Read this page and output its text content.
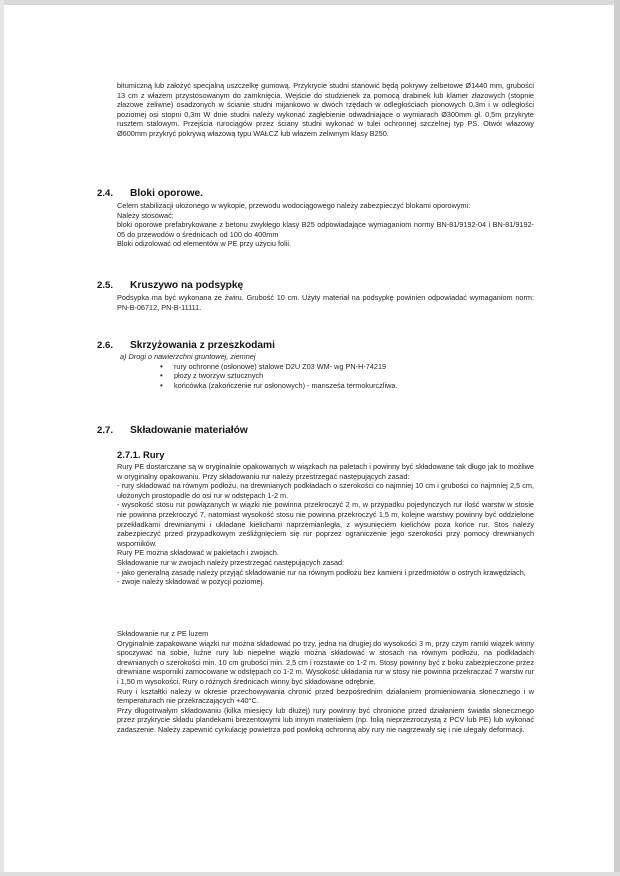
bitumiczną lub założyć specjalną uszczelkę gumową. Przykrycie studni stanowić będą pokrywy żelbetowe Ø1440 mm, grubości 13 cm z włazem przystosowanym do zamknięcia. Wejście do studzienek za pomocą drabinek lub klamer złazowych (stopnie złazowe żeliwne) osadzonych w ścianie studni mijankowo w dwóch rzędach w odległościach pionowych 0,3m i w odległości poziomej osi stopni 0,3m W dnie studni należy wykonać zagłębienie odwadniające o wymiarach Ø300mm gł. 0,5m przykryte rusztem stalowym. Przejścia rurociągów przez ściany studni wykonać w tulei ochronnej szczelnej typ PS. Otwór włazowy Ø600mm przykryć pokrywą włazową typu WAŁCZ lub włazem żeliwnym klasy B250.

2.4. Bloki oporowe.

Celem stabilizacji ułożonego w wykopie, przewodu wodociągowego należy zabezpieczyć blokami oporowymi:

Należy stosować:

bloki oporowe prefabrykowane z betonu zwykłego klasy B25 odpowiadające wymaganiom normy BN-81/9192-04 i BN-81/9192-05 do przewodów o średnicach od 100 do 400mm

Bloki odizolować od elementów w PE przy użyciu folii.

2.5. Kruszywo na podsypkę

Podsypka ma być wykonana ze żwiru. Grubość 10 cm. Użyty materiał na podsypkę powinien odpowiadać wymaganiom norm: PN-B-06712, PN-B-11111.

2.6. Skrzyżowania z przeszkodami

a) Drogi o nawierzchni gruntowej, ziemnej

• rury ochronne (osłonowe) stalowe D2U Z03 WM- wg PN-H-74219
• płozy z tworzyw sztucznych
• końcówka (zakończenie rur osłonowych) - mansześa termokurczliwa.
2.7. Składowanie materiałów
2.7.1. Rury

Rury PE dostarczane są w oryginalnie opakowanych w wiązkach na paletach i powinny być składowane tak długo jak to możliwe w oryginalny opakowaniu. Przy składowaniu rur należy przestrzegać następujących zasad:

- rury składować na równym podłożu, na drewnianych podkładach o szerokości co najmniej 10 cm i grubości co najmniej 2,5 cm, ułożonych prostopadle do osi rur w odstępach 1-2 m.

- wysokość stosu rur powiązanych w wiązki nie powinna przekroczyć 2 m, w przypadku pojedynczych rur ilość warstw w stosie nie powinna przekroczyć 7, natomiast wysokość stosu nie powinna przekroczyć 1,5 m, kolejne warstwy powinny być oddzielone przekładkami drewnianymi i układane kielichami naprzemianległa, z wysunięciem kielichów poza końce rur. Stos należy zabezpieczyć przed przypadkowym ześliźgnięciem się rur poprzez ograniczenie jego szerokości przy pomocy drewnianych wsporników.

Rury PE można składować w pakietach i zwojach.

Składowanie rur w zwojach należy przestrzegać następujących zasad:

- jako generalną zasadę należy przyjąć składowanie rur na równym podłożu bez kamieni i przedmiotów o ostrych krawędziach,

- zwoje należy składować w pozycji poziomej.

Składowanie rur z PE luzem

Oryginalnie zapakowane wiązki rur można składować po trzy, jedna na drugiej do wysokości 3 m, przy czym ramki wiązek winny spoczywać na sobie, luźne rury lub niepełne wiązki można składować w stosach na równym podłożu, na podkładach drewnianych o szerokości min. 10 cm grubości min. 2,5 cm i rozstawie co 1-2 m. Stosy powinny być z boku zabezpieczone przez drewniane wsporniki zamocowane w odstępach co 1-2 m. Wysokość układania rur w stosy nie powinna przekraczać 7 warstw rur i 1,50 m wysokości. Rury o różnych średnicach winny być składowane odrębnie.

Rury i kształtki należy w okresie przechowywania chronić przed bezpośrednim działaniem promieniowania słonecznego i w temperaturach nie przekraczających +40°C.

Przy długotrwałym składowaniu (kilka miesięcy lub dłużej) rury powinny być chronione przed działaniem światła słonecznego przez przykrycie składu plandekami brezentowymi lub innym materiałem (np. folią nieprzezroczystą z PCV lub PE) lub wykonać zadaszenie. Należy zapewnić cyrkulację powietrza pod powłoką ochronną aby rury nie nagrzewały się i nie ulegały deformacji.
